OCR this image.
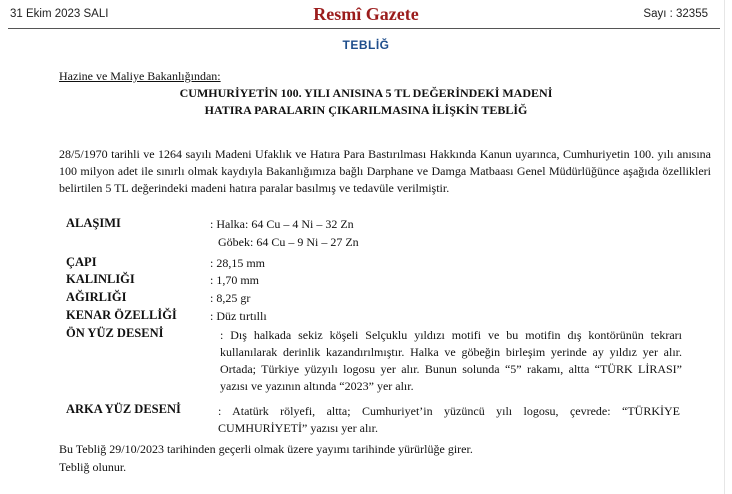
31 Ekim 2023 SALI	Resmî Gazete	Sayı : 32355
TEBLİĞ
Hazine ve Maliye Bakanlığından:
CUMHURİYETİN 100. YILI ANISINA 5 TL DEĞERİNDEKİ MADENİ
HATIRA PARALARIN ÇIKARILMASINA İLİŞKİN TEBLİĞ

28/5/1970 tarihli ve 1264 sayılı Madeni Ufaklık ve Hatıra Para Bastırılması Hakkında Kanun uyarınca, Cumhuriyetin 100. yılı anısına 100 milyon adet ile sınırlı olmak kaydıyla Bakanlığımıza bağlı Darphane ve Damga Matbaası Genel Müdürlüğünce aşağıda özellikleri belirtilen 5 TL değerindeki madeni hatıra paralar basılmış ve tedavüle verilmiştir.

ALAŞIMI	: Halka: 64 Cu – 4 Ni – 32 Zn
Göbek: 64 Cu – 9 Ni – 27 Zn
ÇAPI	: 28,15 mm
KALINLIĞI	: 1,70 mm
AĞIRLIĞI	: 8,25 gr
KENAR ÖZELLİĞİ	: Düz tırtıllı
ÖN YÜZ DESENİ	: Dış halkada sekiz köşeli Selçuklu yıldızı motifi ve bu motifin dış kontörünün tekrarı kullanılarak derinlik kazandırılmıştır. Halka ve göbeğin birleşim yerinde ay yıldız yer alır. Ortada; Türkiye yüzyılı logosu yer alır. Bunun solunda “5” rakamı, altta “TÜRK LİRASI” yazısı ve yazının altında “2023” yer alır.
ARKA YÜZ DESENİ	: Atatürk rölyefi, altta; Cumhuriyet’in yüzüncü yılı logosu, çevrede: “TÜRKİYE CUMHURİYETİ” yazısı yer alır.
Bu Tebliğ 29/10/2023 tarihinden geçerli olmak üzere yayımı tarihinde yürürlüğe girer.
Tebliğ olunur.
